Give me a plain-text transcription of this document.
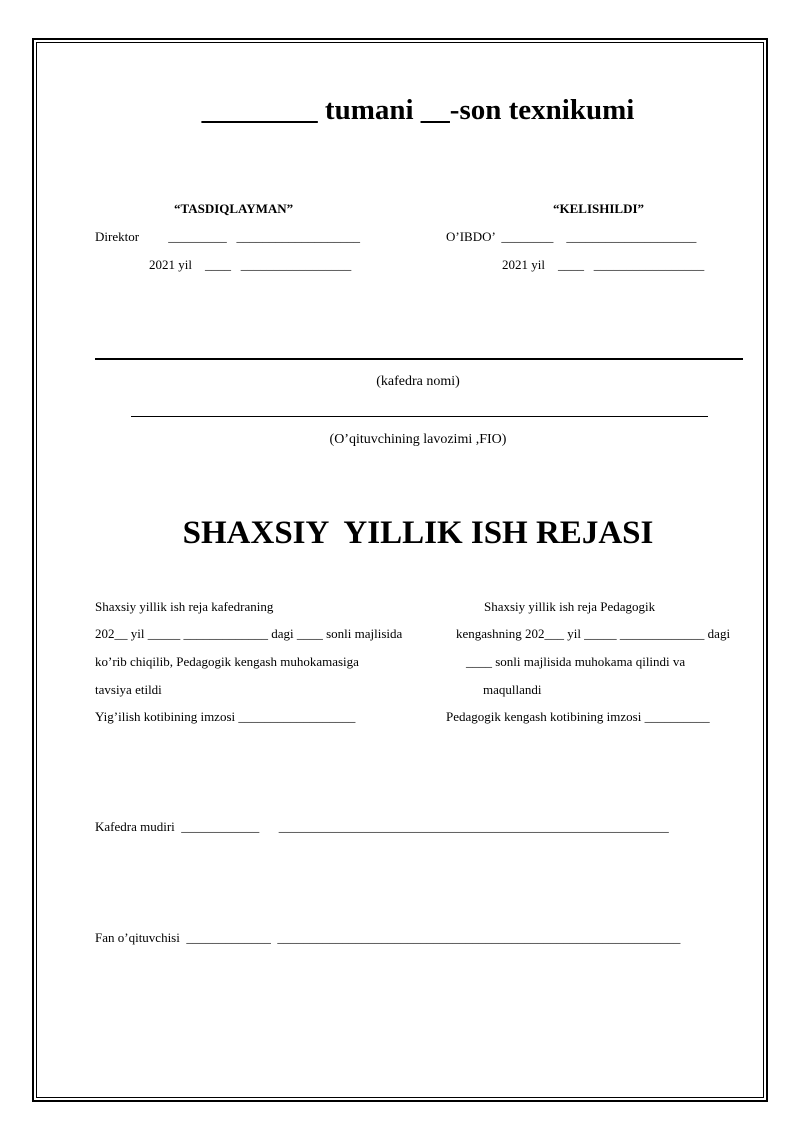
________ tumani __-son texnikumi
“TASDIQLAYMAN”
Direktor         _________   ___________________
2021 yil    ____   _________________
“KELISHILDI”
O’IBDO’  ________    ____________________
2021 yil    ____   _________________
(kafedra nomi)
(O’qituvchining lavozimi ,FIO)
SHAXSIY  YILLIK ISH REJASI
Shaxsiy yillik ish reja kafedraning
202__ yil _____ _____________ dagi ____ sonli majlisida
ko’rib chiqilib, Pedagogik kengash muhokamasiga
tavsiya etildi
Yig’ilish kotibining imzosi __________________
Shaxsiy yillik ish reja Pedagogik
kengashning 202___ yil _____ _____________ dagi
____ sonli majlisida muhokama qilindi va
maqullandi
Pedagogik kengash kotibining imzosi __________
Kafedra mudiri  ____________      ____________________________________________________________
Fan o’qituvchisi  _____________  ______________________________________________________________
